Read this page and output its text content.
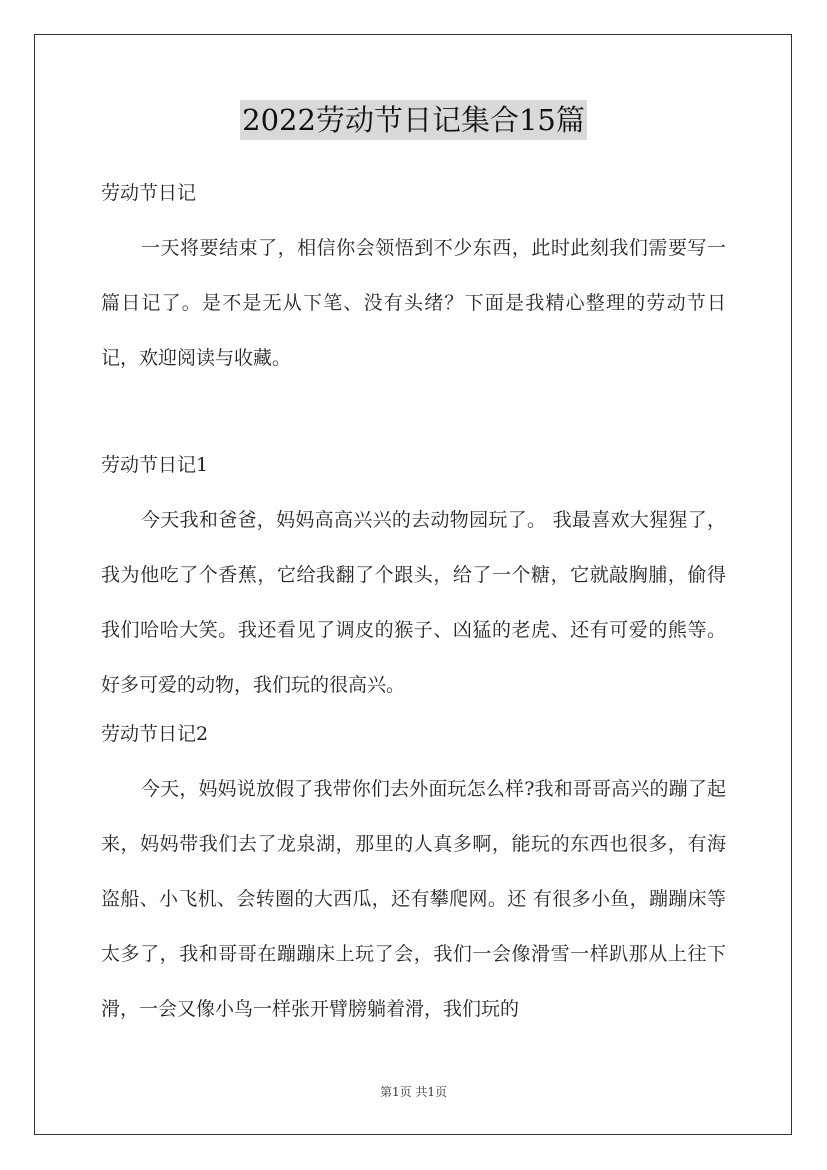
2022劳动节日记集合15篇
劳动节日记

一天将要结束了，相信你会领悟到不少东西，此时此刻我们需要写一篇日记了。是不是无从下笔、没有头绪？下面是我精心整理的劳动节日记，欢迎阅读与收藏。

劳动节日记1

今天我和爸爸，妈妈高高兴兴的去动物园玩了。 我最喜欢大猩猩了，我为他吃了个香蕉，它给我翻了个跟头，给了一个糖，它就敲胸脯，偷得我们哈哈大笑。我还看见了调皮的猴子、凶猛的老虎、还有可爱的熊等。好多可爱的动物，我们玩的很高兴。

劳动节日记2

今天，妈妈说放假了我带你们去外面玩怎么样?我和哥哥高兴的蹦了起来，妈妈带我们去了龙泉湖，那里的人真多啊，能玩的东西也很多，有海盗船、小飞机、会转圈的大西瓜，还有攀爬网。还 有很多小鱼，蹦蹦床等太多了，我和哥哥在蹦蹦床上玩了会，我们一会像滑雪一样趴那从上往下滑，一会又像小鸟一样张开臂膀躺着滑，我们玩的

第1页 共1页
